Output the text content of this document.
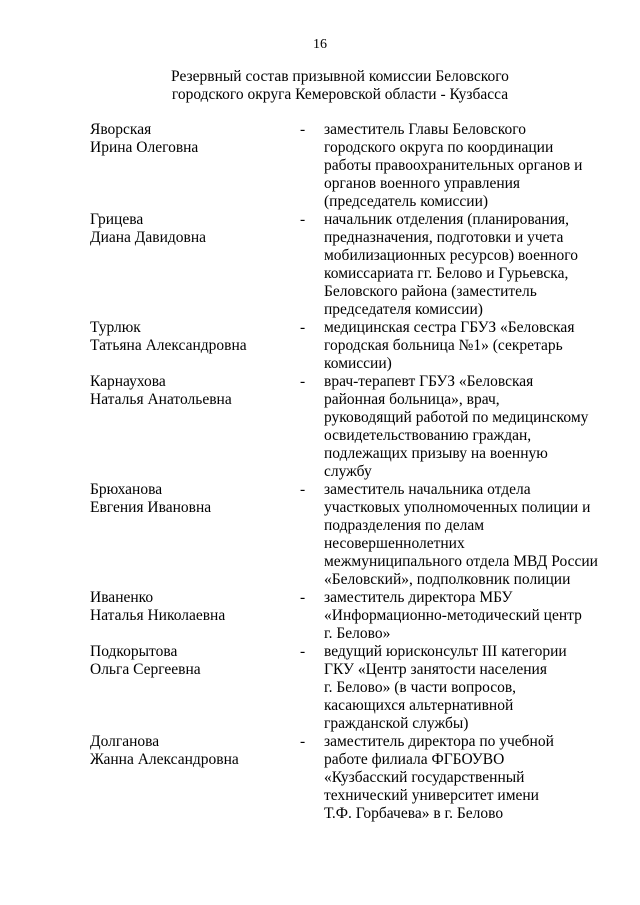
16
Резервный состав призывной комиссии Беловского
городского округа Кемеровской области - Кузбасса
Яворская
Ирина Олеговна
-	заместитель Главы Беловского
городского округа по координации
работы правоохранительных органов и
органов военного управления
(председатель комиссии)
Грицева
Диана Давидовна
-	начальник отделения (планирования,
предназначения, подготовки и учета
мобилизационных ресурсов) военного
комиссариата гг. Белово и Гурьевска,
Беловского района (заместитель
председателя комиссии)
Турлюк
Татьяна Александровна
-	медицинская сестра ГБУЗ «Беловская
городская больница №1» (секретарь
комиссии)
Карнаухова
Наталья Анатольевна
-	врач-терапевт ГБУЗ «Беловская
районная больница», врач,
руководящий работой по медицинскому
освидетельствованию граждан,
подлежащих призыву на военную
службу
Брюханова
Евгения Ивановна
-	заместитель начальника отдела
участковых уполномоченных полиции и
подразделения по делам
несовершеннолетних
межмуниципального отдела МВД России
«Беловский», подполковник полиции
Иваненко
Наталья Николаевна
-	заместитель директора МБУ
«Информационно-методический центр
г. Белово»
Подкорытова
Ольга Сергеевна
-	ведущий юрисконсульт III категории
ГКУ «Центр занятости населения
г. Белово» (в части вопросов,
касающихся альтернативной
гражданской службы)
Долганова
Жанна Александровна
-	заместитель директора по учебной
работе филиала ФГБОУВО
«Кузбасский государственный
технический университет имени
Т.Ф. Горбачева» в г. Белово
